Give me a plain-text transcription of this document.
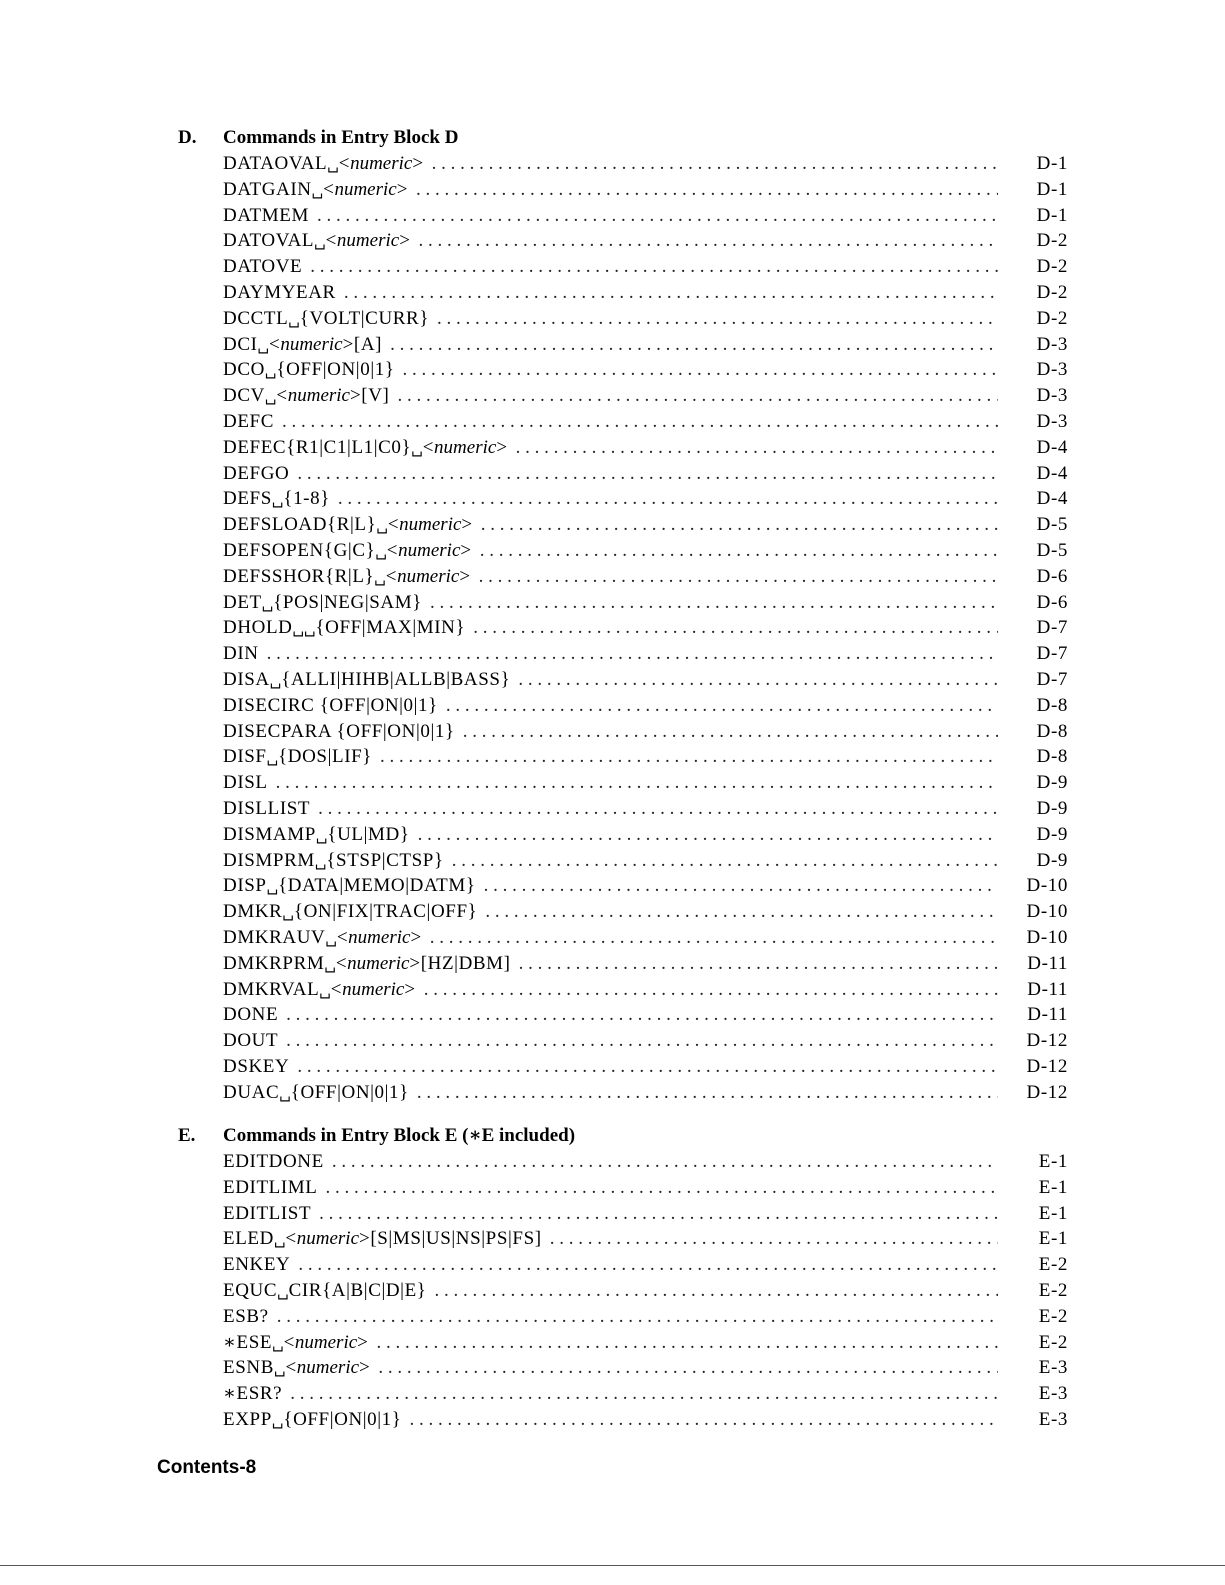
D.	Commands in Entry Block D
DATAOVAL␣<numeric> . . .	D-1
DATGAIN␣<numeric> . . .	D-1
DATMEM . . .	D-1
DATOVAL␣<numeric> . . .	D-2
DATOVE . . .	D-2
DAYMYEAR . . .	D-2
DCCTL␣{VOLT|CURR} . . .	D-2
DCI␣<numeric>[A] . . .	D-3
DCO␣{OFF|ON|0|1} . . .	D-3
DCV␣<numeric>[V] . . .	D-3
DEFC . . .	D-3
DEFEC{R1|C1|L1|C0}␣<numeric> . . .	D-4
DEFGO . . .	D-4
DEFS␣{1-8} . . .	D-4
DEFSLOAD{R|L}␣<numeric> . . .	D-5
DEFSOPEN{G|C}␣<numeric> . . .	D-5
DEFSSHOR{R|L}␣<numeric> . . .	D-6
DET␣{POS|NEG|SAM} . . .	D-6
DHOLD␣␣{OFF|MAX|MIN} . . .	D-7
DIN . . .	D-7
DISA␣{ALLI|HIHB|ALLB|BASS} . . .	D-7
DISECIRC {OFF|ON|0|1} . . .	D-8
DISECPARA {OFF|ON|0|1} . . .	D-8
DISF␣{DOS|LIF} . . .	D-8
DISL . . .	D-9
DISLLIST . . .	D-9
DISMAMP␣{UL|MD} . . .	D-9
DISMPRM␣{STSP|CTSP} . . .	D-9
DISP␣{DATA|MEMO|DATM} . . .	D-10
DMKR␣{ON|FIX|TRAC|OFF} . . .	D-10
DMKRAUV␣<numeric> . . .	D-10
DMKRPRM␣<numeric>[HZ|DBM] . . .	D-11
DMKRVAL␣<numeric> . . .	D-11
DONE . . .	D-11
DOUT . . .	D-12
DSKEY . . .	D-12
DUAC␣{OFF|ON|0|1} . . .	D-12
E.	Commands in Entry Block E (∗E included)
EDITDONE . . .	E-1
EDITLIML . . .	E-1
EDITLIST . . .	E-1
ELED␣<numeric>[S|MS|US|NS|PS|FS] . . .	E-1
ENKEY . . .	E-2
EQUC␣CIR{A|B|C|D|E} . . .	E-2
ESB? . . .	E-2
∗ESE␣<numeric> . . .	E-2
ESNB␣<numeric> . . .	E-3
∗ESR? . . .	E-3
EXPP␣{OFF|ON|0|1} . . .	E-3
Contents-8
